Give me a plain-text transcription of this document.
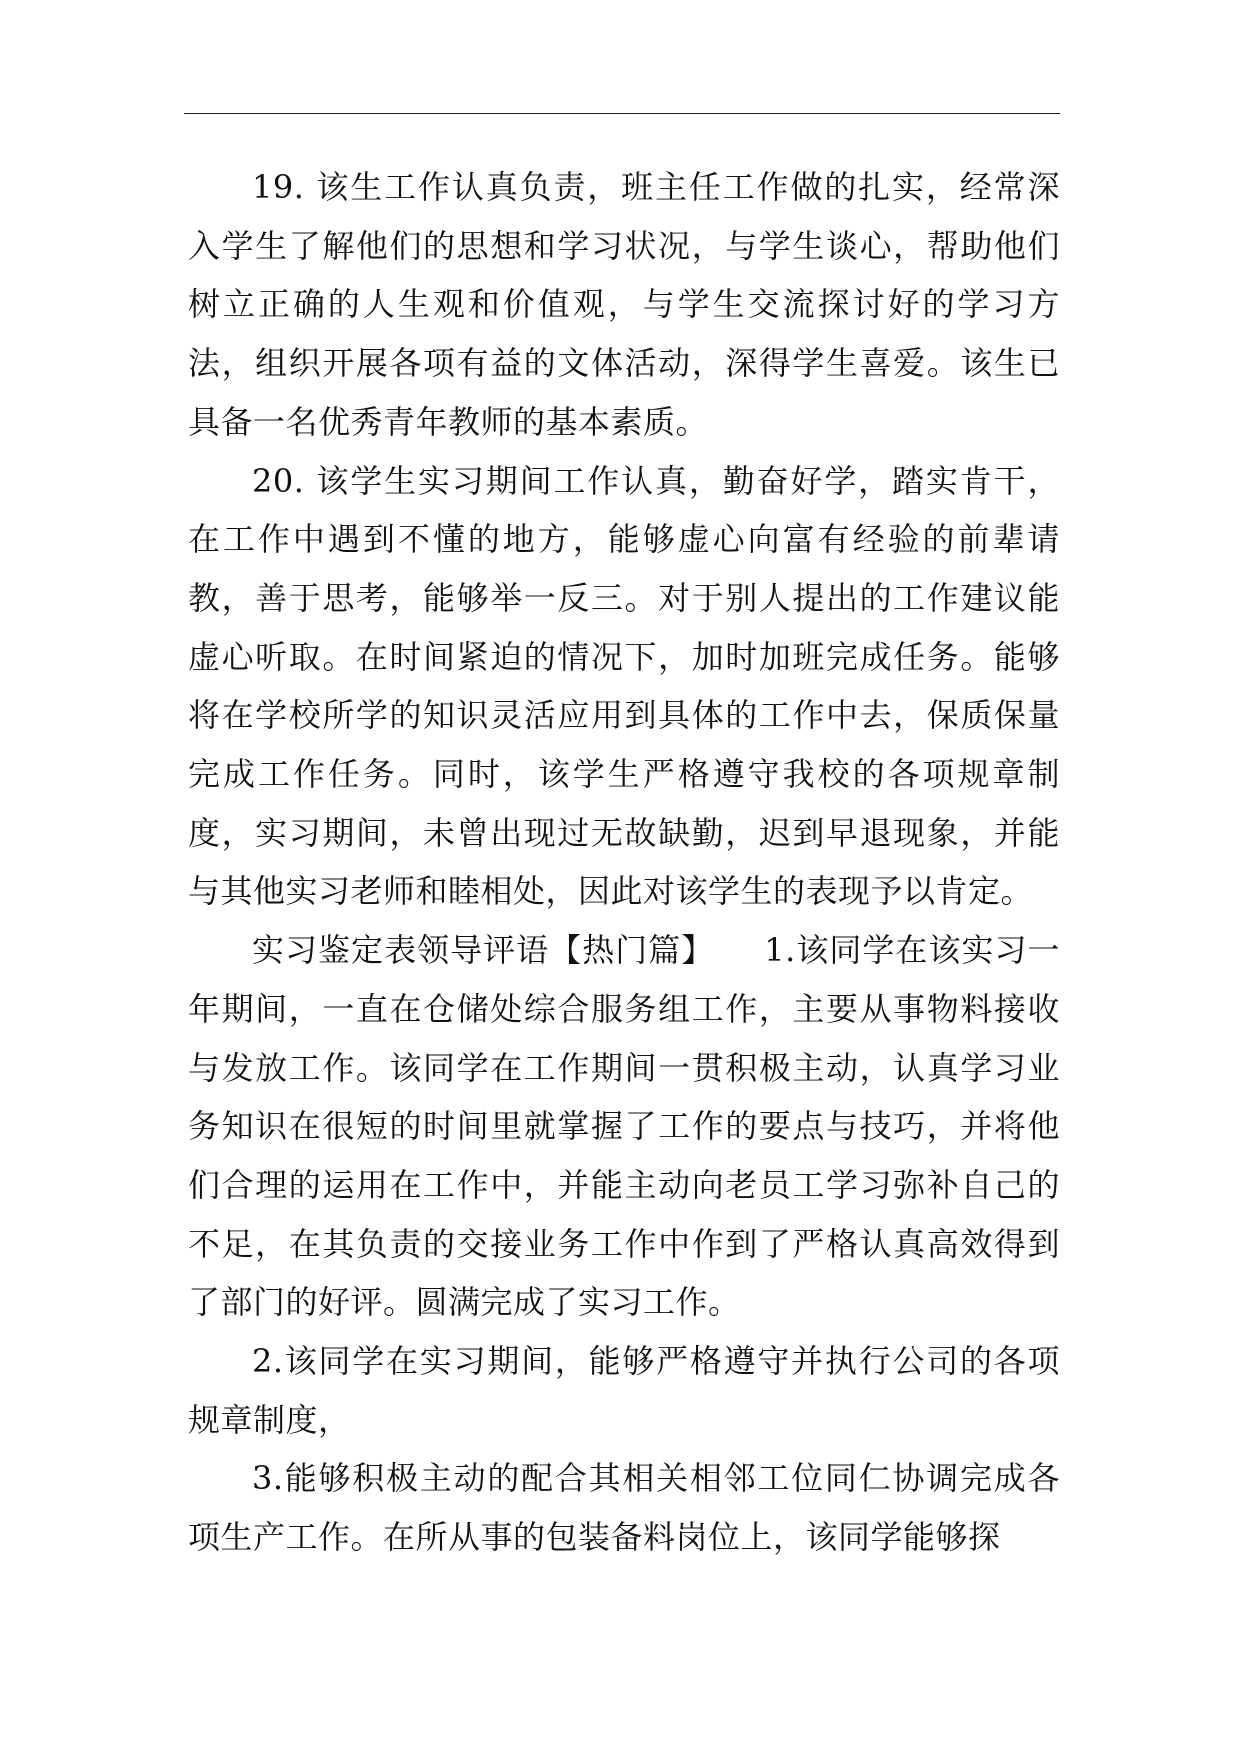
19. 该生工作认真负责，班主任工作做的扎实，经常深入学生了解他们的思想和学习状况，与学生谈心，帮助他们树立正确的人生观和价值观，与学生交流探讨好的学习方法，组织开展各项有益的文体活动，深得学生喜爱。该生已具备一名优秀青年教师的基本素质。

20. 该学生实习期间工作认真，勤奋好学，踏实肯干，在工作中遇到不懂的地方，能够虚心向富有经验的前辈请教，善于思考，能够举一反三。对于别人提出的工作建议能虚心听取。在时间紧迫的情况下，加时加班完成任务。能够将在学校所学的知识灵活应用到具体的工作中去，保质保量完成工作任务。同时，该学生严格遵守我校的各项规章制度，实习期间，未曾出现过无故缺勤，迟到早退现象，并能与其他实习老师和睦相处，因此对该学生的表现予以肯定。

实习鉴定表领导评语【热门篇】　　1.该同学在该实习一年期间，一直在仓储处综合服务组工作，主要从事物料接收与发放工作。该同学在工作期间一贯积极主动，认真学习业务知识在很短的时间里就掌握了工作的要点与技巧，并将他们合理的运用在工作中，并能主动向老员工学习弥补自己的不足，在其负责的交接业务工作中作到了严格认真高效得到了部门的好评。圆满完成了实习工作。

2.该同学在实习期间，能够严格遵守并执行公司的各项规章制度，

3.能够积极主动的配合其相关相邻工位同仁协调完成各项生产工作。在所从事的包装备料岗位上，该同学能够探
